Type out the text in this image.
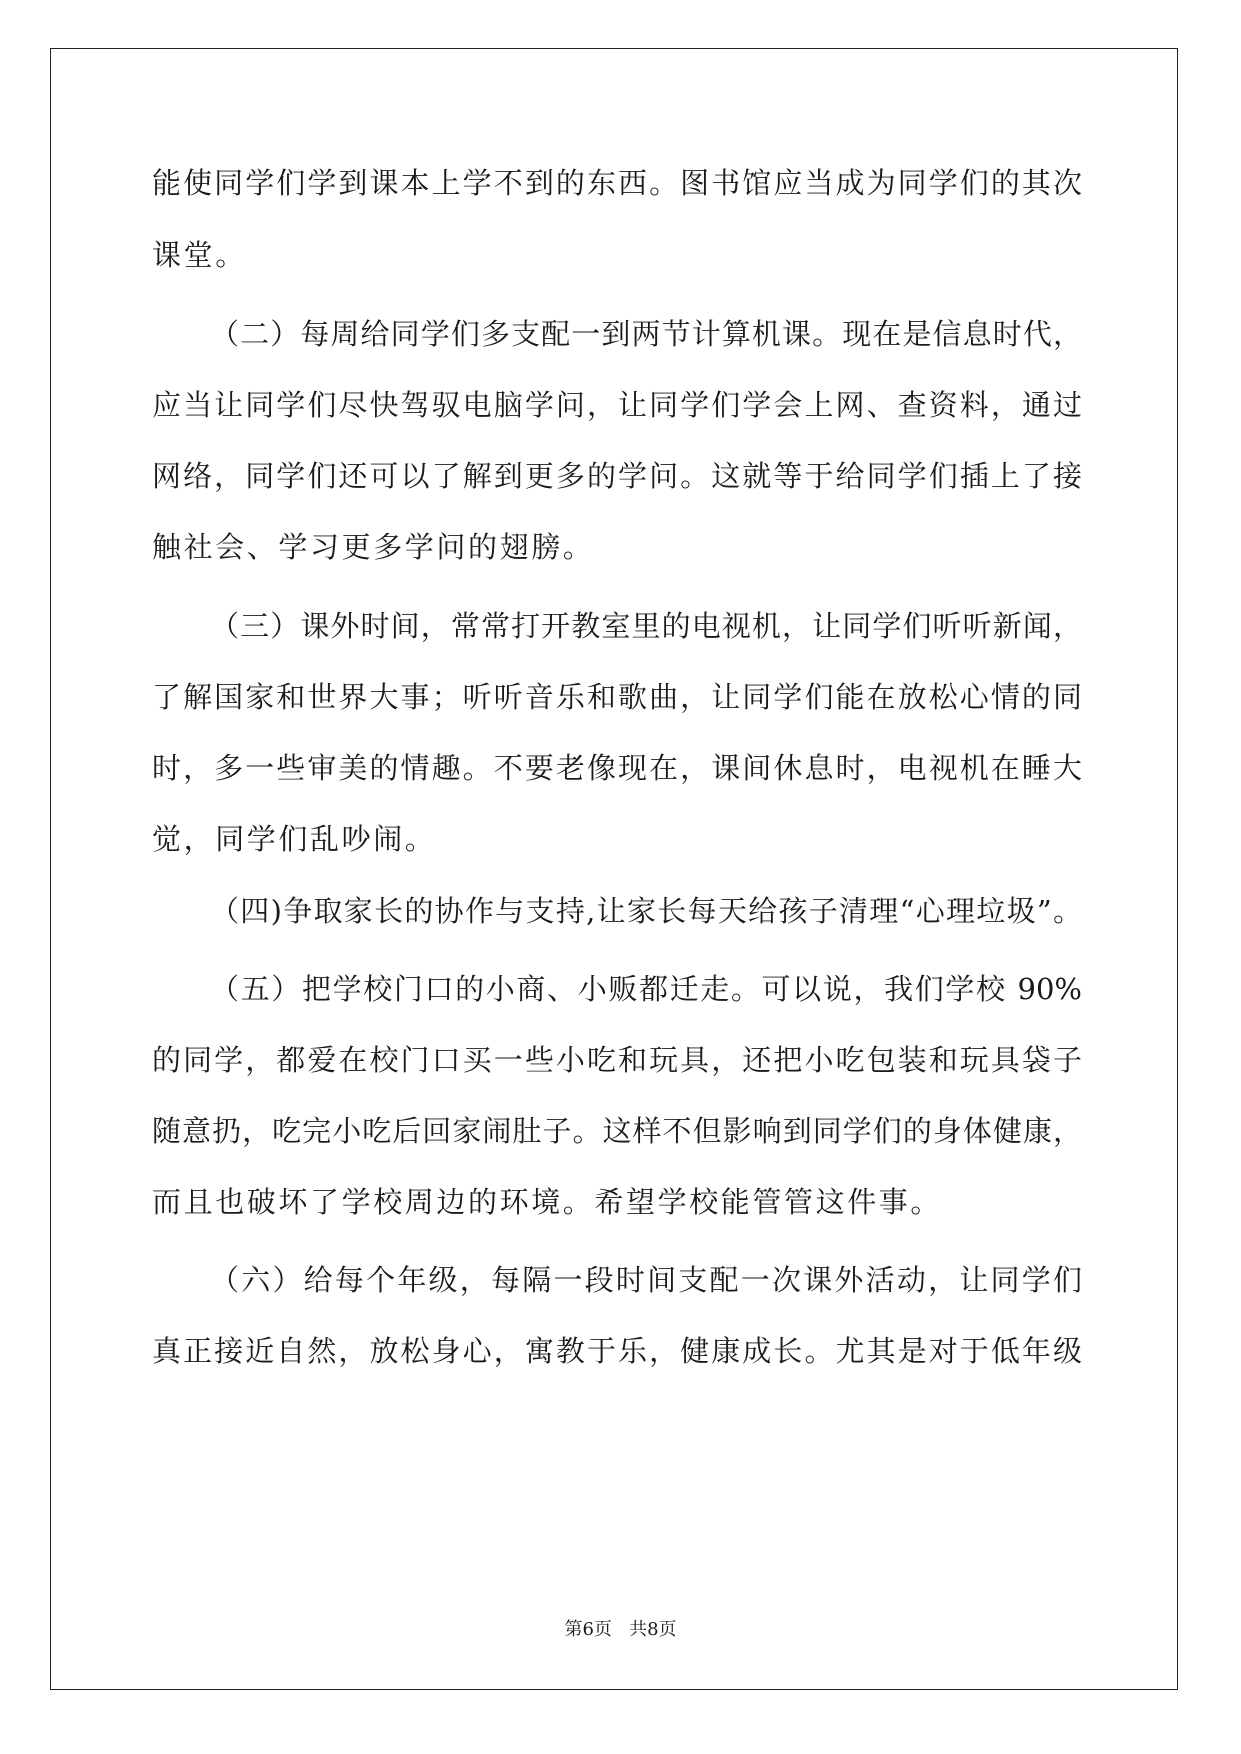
能使同学们学到课本上学不到的东西。图书馆应当成为同学们的其次
课堂。
（二）每周给同学们多支配一到两节计算机课。现在是信息时代，
应当让同学们尽快驾驭电脑学问，让同学们学会上网、查资料，通过
网络，同学们还可以了解到更多的学问。这就等于给同学们插上了接
触社会、学习更多学问的翅膀。
（三）课外时间，常常打开教室里的电视机，让同学们听听新闻，
了解国家和世界大事；听听音乐和歌曲，让同学们能在放松心情的同
时，多一些审美的情趣。不要老像现在，课间休息时，电视机在睡大
觉，同学们乱吵闹。
（四)争取家长的协作与支持,让家长每天给孩子清理“心理垃圾”。
（五）把学校门口的小商、小贩都迁走。可以说，我们学校 90%
的同学，都爱在校门口买一些小吃和玩具，还把小吃包装和玩具袋子
随意扔，吃完小吃后回家闹肚子。这样不但影响到同学们的身体健康，
而且也破坏了学校周边的环境。希望学校能管管这件事。
（六）给每个年级，每隔一段时间支配一次课外活动，让同学们
真正接近自然，放松身心，寓教于乐，健康成长。尤其是对于低年级
第6页   共8页
